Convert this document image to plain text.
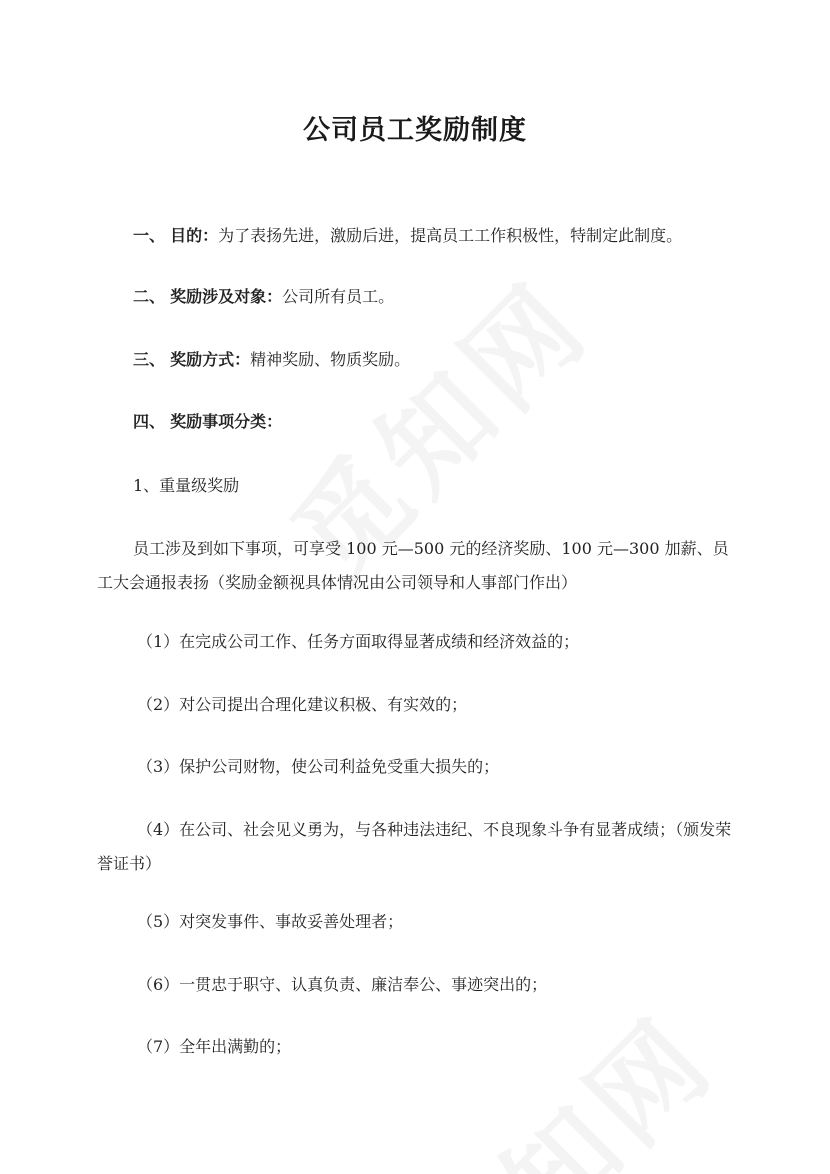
公司员工奖励制度
一、 目的：为了表扬先进，激励后进，提高员工工作积极性，特制定此制度。
二、 奖励涉及对象：公司所有员工。
三、 奖励方式：精神奖励、物质奖励。
四、 奖励事项分类：
1、重量级奖励
员工涉及到如下事项，可享受 100 元—500 元的经济奖励、100 元—300 加薪、员工大会通报表扬（奖励金额视具体情况由公司领导和人事部门作出）
（1）在完成公司工作、任务方面取得显著成绩和经济效益的；
（2）对公司提出合理化建议积极、有实效的；
（3）保护公司财物，使公司利益免受重大损失的；
（4）在公司、社会见义勇为，与各种违法违纪、不良现象斗争有显著成绩；（颁发荣誉证书）
（5）对突发事件、事故妥善处理者；
（6）一贯忠于职守、认真负责、廉洁奉公、事迹突出的；
（7）全年出满勤的；
